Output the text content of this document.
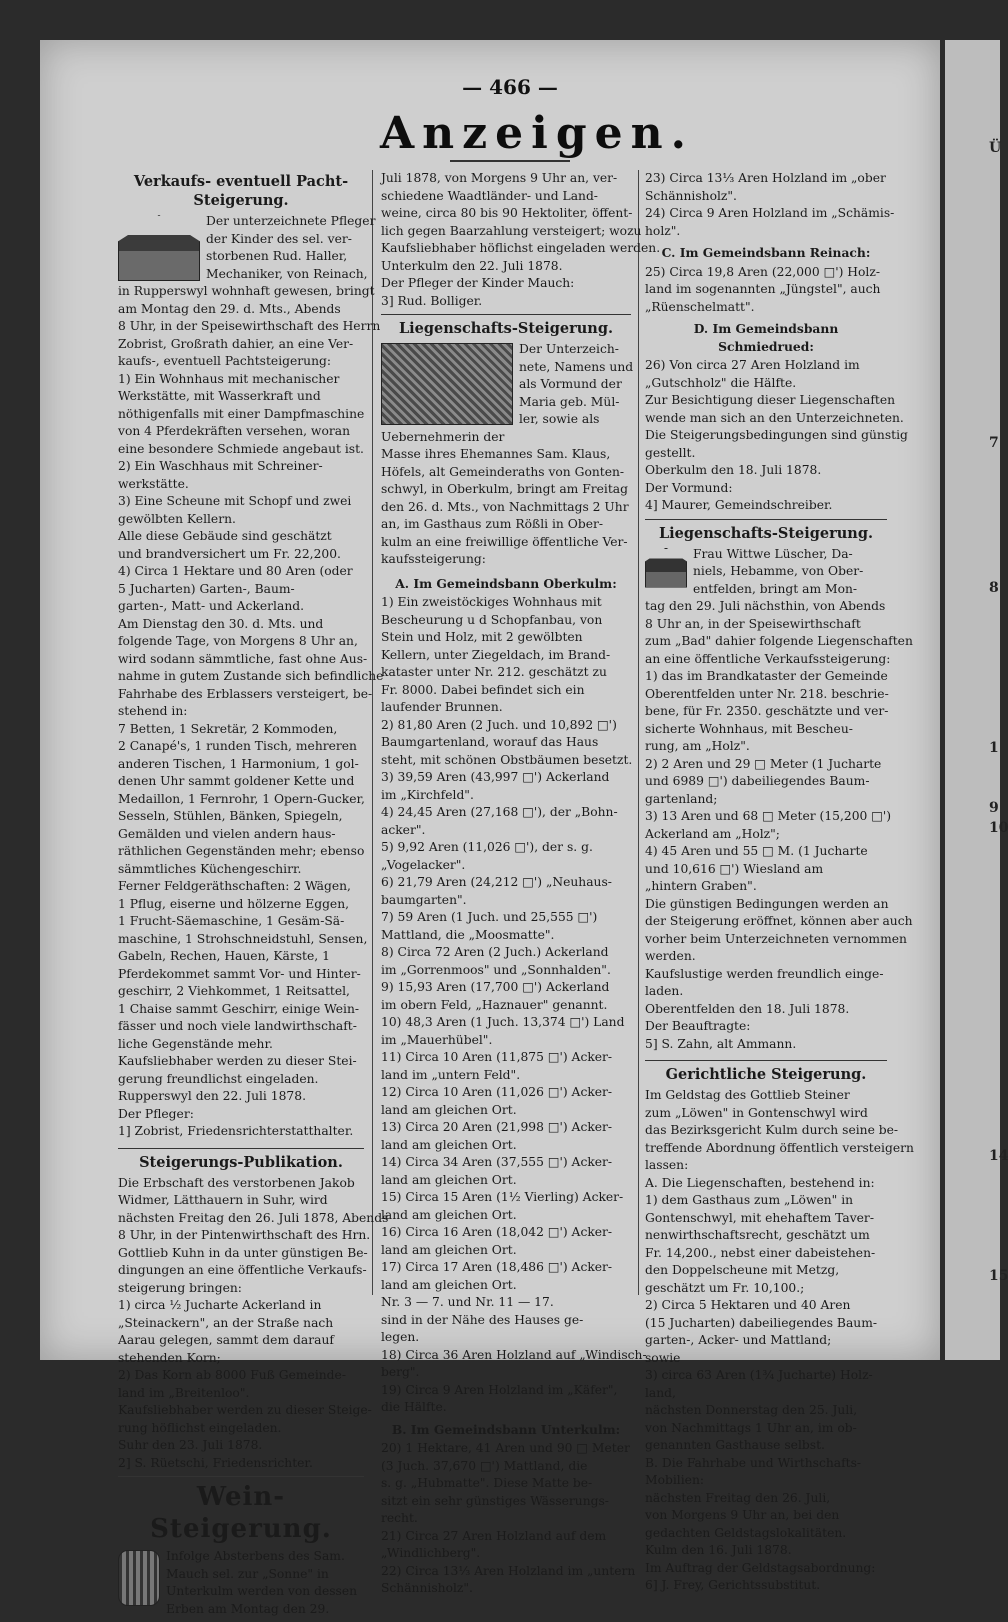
Ü
7
8
1
9
10
14
15
— 466 —
Anzeigen.
Verkaufs- eventuell Pacht-Steigerung.
Der unterzeichnete Pfleger
der Kinder des sel. ver-
storbenen Rud. Haller,
Mechaniker, von Reinach,
in Rupperswyl wohnhaft gewesen, bringt
am Montag den 29. d. Mts., Abends
8 Uhr, in der Speisewirthschaft des Herrn
Zobrist, Großrath dahier, an eine Ver-
kaufs-, eventuell Pachtsteigerung:
1) Ein Wohnhaus mit mechanischer
Werkstätte, mit Wasserkraft und
nöthigenfalls mit einer Dampfmaschine
von 4 Pferdekräften versehen, woran
eine besondere Schmiede angebaut ist.
2) Ein Waschhaus mit Schreiner-
werkstätte.
3) Eine Scheune mit Schopf und zwei
gewölbten Kellern.
Alle diese Gebäude sind geschätzt
und brandversichert um Fr. 22,200.
4) Circa 1 Hektare und 80 Aren (oder
5 Jucharten) Garten-, Baum-
garten-, Matt- und Ackerland.
Am Dienstag den 30. d. Mts. und
folgende Tage, von Morgens 8 Uhr an,
wird sodann sämmtliche, fast ohne Aus-
nahme in gutem Zustande sich befindliche
Fahrhabe des Erblassers versteigert, be-
stehend in:
7 Betten, 1 Sekretär, 2 Kommoden,
2 Canapé's, 1 runden Tisch, mehreren
anderen Tischen, 1 Harmonium, 1 gol-
denen Uhr sammt goldener Kette und
Medaillon, 1 Fernrohr, 1 Opern-Gucker,
Sesseln, Stühlen, Bänken, Spiegeln,
Gemälden und vielen andern haus-
räthlichen Gegenständen mehr; ebenso
sämmtliches Küchengeschirr.
Ferner Feldgeräthschaften: 2 Wägen,
1 Pflug, eiserne und hölzerne Eggen,
1 Frucht-Säemaschine, 1 Gesäm-Sä-
maschine, 1 Strohschneidstuhl, Sensen,
Gabeln, Rechen, Hauen, Kärste, 1
Pferdekommet sammt Vor- und Hinter-
geschirr, 2 Viehkommet, 1 Reitsattel,
1 Chaise sammt Geschirr, einige Wein-
fässer und noch viele landwirthschaft-
liche Gegenstände mehr.
Kaufsliebhaber werden zu dieser Stei-
gerung freundlichst eingeladen.
Rupperswyl den 22. Juli 1878.
Der Pfleger:
1] Zobrist, Friedensrichterstatthalter.
Steigerungs-Publikation.
Die Erbschaft des verstorbenen Jakob
Widmer, Lätthauern in Suhr, wird
nächsten Freitag den 26. Juli 1878, Abends
8 Uhr, in der Pintenwirthschaft des Hrn.
Gottlieb Kuhn in da unter günstigen Be-
dingungen an eine öffentliche Verkaufs-
steigerung bringen:
1) circa ½ Jucharte Ackerland in
„Steinackern", an der Straße nach
Aarau gelegen, sammt dem darauf
stehenden Korn;
2) Das Korn ab 8000 Fuß Gemeinde-
land im „Breitenloo".
Kaufsliebhaber werden zu dieser Steige-
rung höflichst eingeladen.
Suhr den 23. Juli 1878.
2] S. Rüetschi, Friedensrichter.
Wein-Steigerung.
Infolge Absterbens des Sam.
Mauch sel. zur „Sonne" in
Unterkulm werden von dessen
Erben am Montag den 29.
Juli 1878, von Morgens 9 Uhr an, ver-
schiedene Waadtländer- und Land-
weine, circa 80 bis 90 Hektoliter, öffent-
lich gegen Baarzahlung versteigert; wozu
Kaufsliebhaber höflichst eingeladen werden.
Unterkulm den 22. Juli 1878.
Der Pfleger der Kinder Mauch:
3] Rud. Bolliger.
Liegenschafts-Steigerung.
Der Unterzeich-
nete, Namens und
als Vormund der
Maria geb. Mül-
ler, sowie als
Uebernehmerin der
Masse ihres Ehemannes Sam. Klaus,
Höfels, alt Gemeinderaths von Gonten-
schwyl, in Oberkulm, bringt am Freitag
den 26. d. Mts., von Nachmittags 2 Uhr
an, im Gasthaus zum Rößli in Ober-
kulm an eine freiwillige öffentliche Ver-
kaufssteigerung:
A. Im Gemeindsbann Oberkulm:
1) Ein zweistöckiges Wohnhaus mit
Bescheurung u d Schopfanbau, von
Stein und Holz, mit 2 gewölbten
Kellern, unter Ziegeldach, im Brand-
kataster unter Nr. 212. geschätzt zu
Fr. 8000. Dabei befindet sich ein
laufender Brunnen.
2) 81,80 Aren (2 Juch. und 10,892 □')
Baumgartenland, worauf das Haus
steht, mit schönen Obstbäumen besetzt.
3) 39,59 Aren (43,997 □') Ackerland
im „Kirchfeld".
4) 24,45 Aren (27,168 □'), der „Bohn-
acker".
5) 9,92 Aren (11,026 □'), der s. g.
„Vogelacker".
6) 21,79 Aren (24,212 □') „Neuhaus-
baumgarten".
7) 59 Aren (1 Juch. und 25,555 □')
Mattland, die „Moosmatte".
8) Circa 72 Aren (2 Juch.) Ackerland
im „Gorrenmoos" und „Sonnhalden".
9) 15,93 Aren (17,700 □') Ackerland
im obern Feld, „Haznauer" genannt.
10) 48,3 Aren (1 Juch. 13,374 □') Land
im „Mauerhübel".
11) Circa 10 Aren (11,875 □') Acker-
land im „untern Feld".
12) Circa 10 Aren (11,026 □') Acker-
land am gleichen Ort.
13) Circa 20 Aren (21,998 □') Acker-
land am gleichen Ort.
14) Circa 34 Aren (37,555 □') Acker-
land am gleichen Ort.
15) Circa 15 Aren (1½ Vierling) Acker-
land am gleichen Ort.
16) Circa 16 Aren (18,042 □') Acker-
land am gleichen Ort.
17) Circa 17 Aren (18,486 □') Acker-
land am gleichen Ort.
Nr. 3 — 7. und Nr. 11 — 17.
sind in der Nähe des Hauses ge-
legen.
18) Circa 36 Aren Holzland auf „Windisch-
berg".
19) Circa 9 Aren Holzland im „Käfer",
die Hälfte.
B. Im Gemeindsbann Unterkulm:
20) 1 Hektare, 41 Aren und 90 □ Meter
(3 Juch. 37,670 □') Mattland, die
s. g. „Hubmatte". Diese Matte be-
sitzt ein sehr günstiges Wässerungs-
recht.
21) Circa 27 Aren Holzland auf dem
„Windlichberg".
22) Circa 13⅓ Aren Holzland im „untern
Schännisholz".
23) Circa 13⅓ Aren Holzland im „ober
Schännisholz".
24) Circa 9 Aren Holzland im „Schämis-
holz".
C. Im Gemeindsbann Reinach:
25) Circa 19,8 Aren (22,000 □') Holz-
land im sogenannten „Jüngstel", auch
„Rüenschelmatt".
D. Im Gemeindsbann Schmiedrued:
26) Von circa 27 Aren Holzland im
„Gutschholz" die Hälfte.
Zur Besichtigung dieser Liegenschaften
wende man sich an den Unterzeichneten.
Die Steigerungsbedingungen sind günstig
gestellt.
Oberkulm den 18. Juli 1878.
Der Vormund:
4] Maurer, Gemeindschreiber.
Liegenschafts-Steigerung.
Frau Wittwe Lüscher, Da-
niels, Hebamme, von Ober-
entfelden, bringt am Mon-
tag den 29. Juli nächsthin, von Abends
8 Uhr an, in der Speisewirthschaft
zum „Bad" dahier folgende Liegenschaften
an eine öffentliche Verkaufssteigerung:
1) das im Brandkataster der Gemeinde
Oberentfelden unter Nr. 218. beschrie-
bene, für Fr. 2350. geschätzte und ver-
sicherte Wohnhaus, mit Bescheu-
rung, am „Holz".
2) 2 Aren und 29 □ Meter (1 Jucharte
und 6989 □') dabeiliegendes Baum-
gartenland;
3) 13 Aren und 68 □ Meter (15,200 □')
Ackerland am „Holz";
4) 45 Aren und 55 □ M. (1 Jucharte
und 10,616 □') Wiesland am
„hintern Graben".
Die günstigen Bedingungen werden an
der Steigerung eröffnet, können aber auch
vorher beim Unterzeichneten vernommen
werden.
Kaufslustige werden freundlich einge-
laden.
Oberentfelden den 18. Juli 1878.
Der Beauftragte:
5] S. Zahn, alt Ammann.
Gerichtliche Steigerung.
Im Geldstag des Gottlieb Steiner
zum „Löwen" in Gontenschwyl wird
das Bezirksgericht Kulm durch seine be-
treffende Abordnung öffentlich versteigern
lassen:
A. Die Liegenschaften, bestehend in:
1) dem Gasthaus zum „Löwen" in
Gontenschwyl, mit ehehaftem Taver-
nenwirthschaftsrecht, geschätzt um
Fr. 14,200., nebst einer dabeistehen-
den Doppelscheune mit Metzg,
geschätzt um Fr. 10,100.;
2) Circa 5 Hektaren und 40 Aren
(15 Jucharten) dabeiliegendes Baum-
garten-, Acker- und Mattland;
sowie
3) circa 63 Aren (1¾ Jucharte) Holz-
land,
nächsten Donnerstag den 25. Juli,
von Nachmittags 1 Uhr an, im ob-
genannten Gasthause selbst.
B. Die Fahrhabe und Wirthschafts-
Mobilien:
nächsten Freitag den 26. Juli,
von Morgens 9 Uhr an, bei den
gedachten Geldstagslokalitäten.
Kulm den 16. Juli 1878.
Im Auftrag der Geldstagsabordnung:
6] J. Frey, Gerichtssubstitut.
